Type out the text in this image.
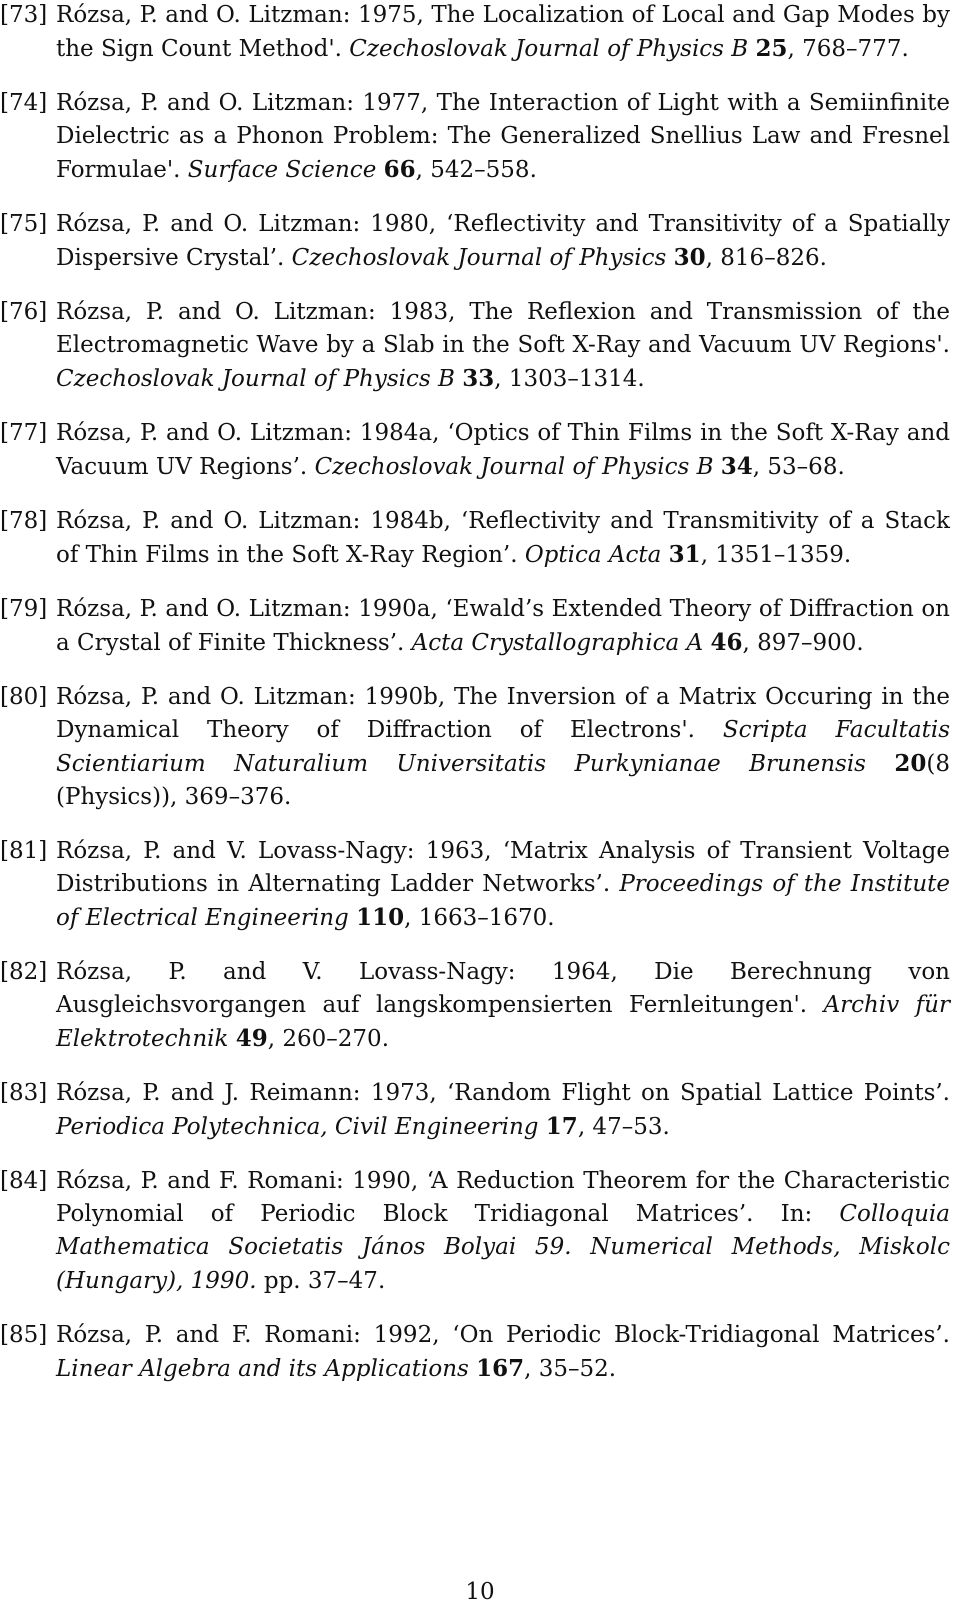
[73] Rózsa, P. and O. Litzman: 1975, The Localization of Local and Gap Modes by the Sign Count Method'. Czechoslovak Journal of Physics B 25, 768–777.
[74] Rózsa, P. and O. Litzman: 1977, The Interaction of Light with a Semiinfinite Dielectric as a Phonon Problem: The Generalized Snellius Law and Fresnel Formulae'. Surface Science 66, 542–558.
[75] Rózsa, P. and O. Litzman: 1980, ‘Reflectivity and Transitivity of a Spatially Dispersive Crystal’. Czechoslovak Journal of Physics 30, 816–826.
[76] Rózsa, P. and O. Litzman: 1983, The Reflexion and Transmission of the Electromagnetic Wave by a Slab in the Soft X-Ray and Vacuum UV Regions'. Czechoslovak Journal of Physics B 33, 1303–1314.
[77] Rózsa, P. and O. Litzman: 1984a, ‘Optics of Thin Films in the Soft X-Ray and Vacuum UV Regions’. Czechoslovak Journal of Physics B 34, 53–68.
[78] Rózsa, P. and O. Litzman: 1984b, ‘Reflectivity and Transmitivity of a Stack of Thin Films in the Soft X-Ray Region’. Optica Acta 31, 1351–1359.
[79] Rózsa, P. and O. Litzman: 1990a, ‘Ewald’s Extended Theory of Diffraction on a Crystal of Finite Thickness’. Acta Crystallographica A 46, 897–900.
[80] Rózsa, P. and O. Litzman: 1990b, The Inversion of a Matrix Occuring in the Dynamical Theory of Diffraction of Electrons'. Scripta Facultatis Scientiarium Naturalium Universitatis Purkynianae Brunensis 20(8 (Physics)), 369–376.
[81] Rózsa, P. and V. Lovass-Nagy: 1963, ‘Matrix Analysis of Transient Voltage Distributions in Alternating Ladder Networks’. Proceedings of the Institute of Electrical Engineering 110, 1663–1670.
[82] Rózsa, P. and V. Lovass-Nagy: 1964, Die Berechnung von Ausgleichsvorgangen auf langskompensierten Fernleitungen'. Archiv für Elektrotechnik 49, 260–270.
[83] Rózsa, P. and J. Reimann: 1973, ‘Random Flight on Spatial Lattice Points’. Periodica Polytechnica, Civil Engineering 17, 47–53.
[84] Rózsa, P. and F. Romani: 1990, ‘A Reduction Theorem for the Characteristic Polynomial of Periodic Block Tridiagonal Matrices’. In: Colloquia Mathematica Societatis János Bolyai 59. Numerical Methods, Miskolc (Hungary), 1990. pp. 37–47.
[85] Rózsa, P. and F. Romani: 1992, ‘On Periodic Block-Tridiagonal Matrices’. Linear Algebra and its Applications 167, 35–52.
10
